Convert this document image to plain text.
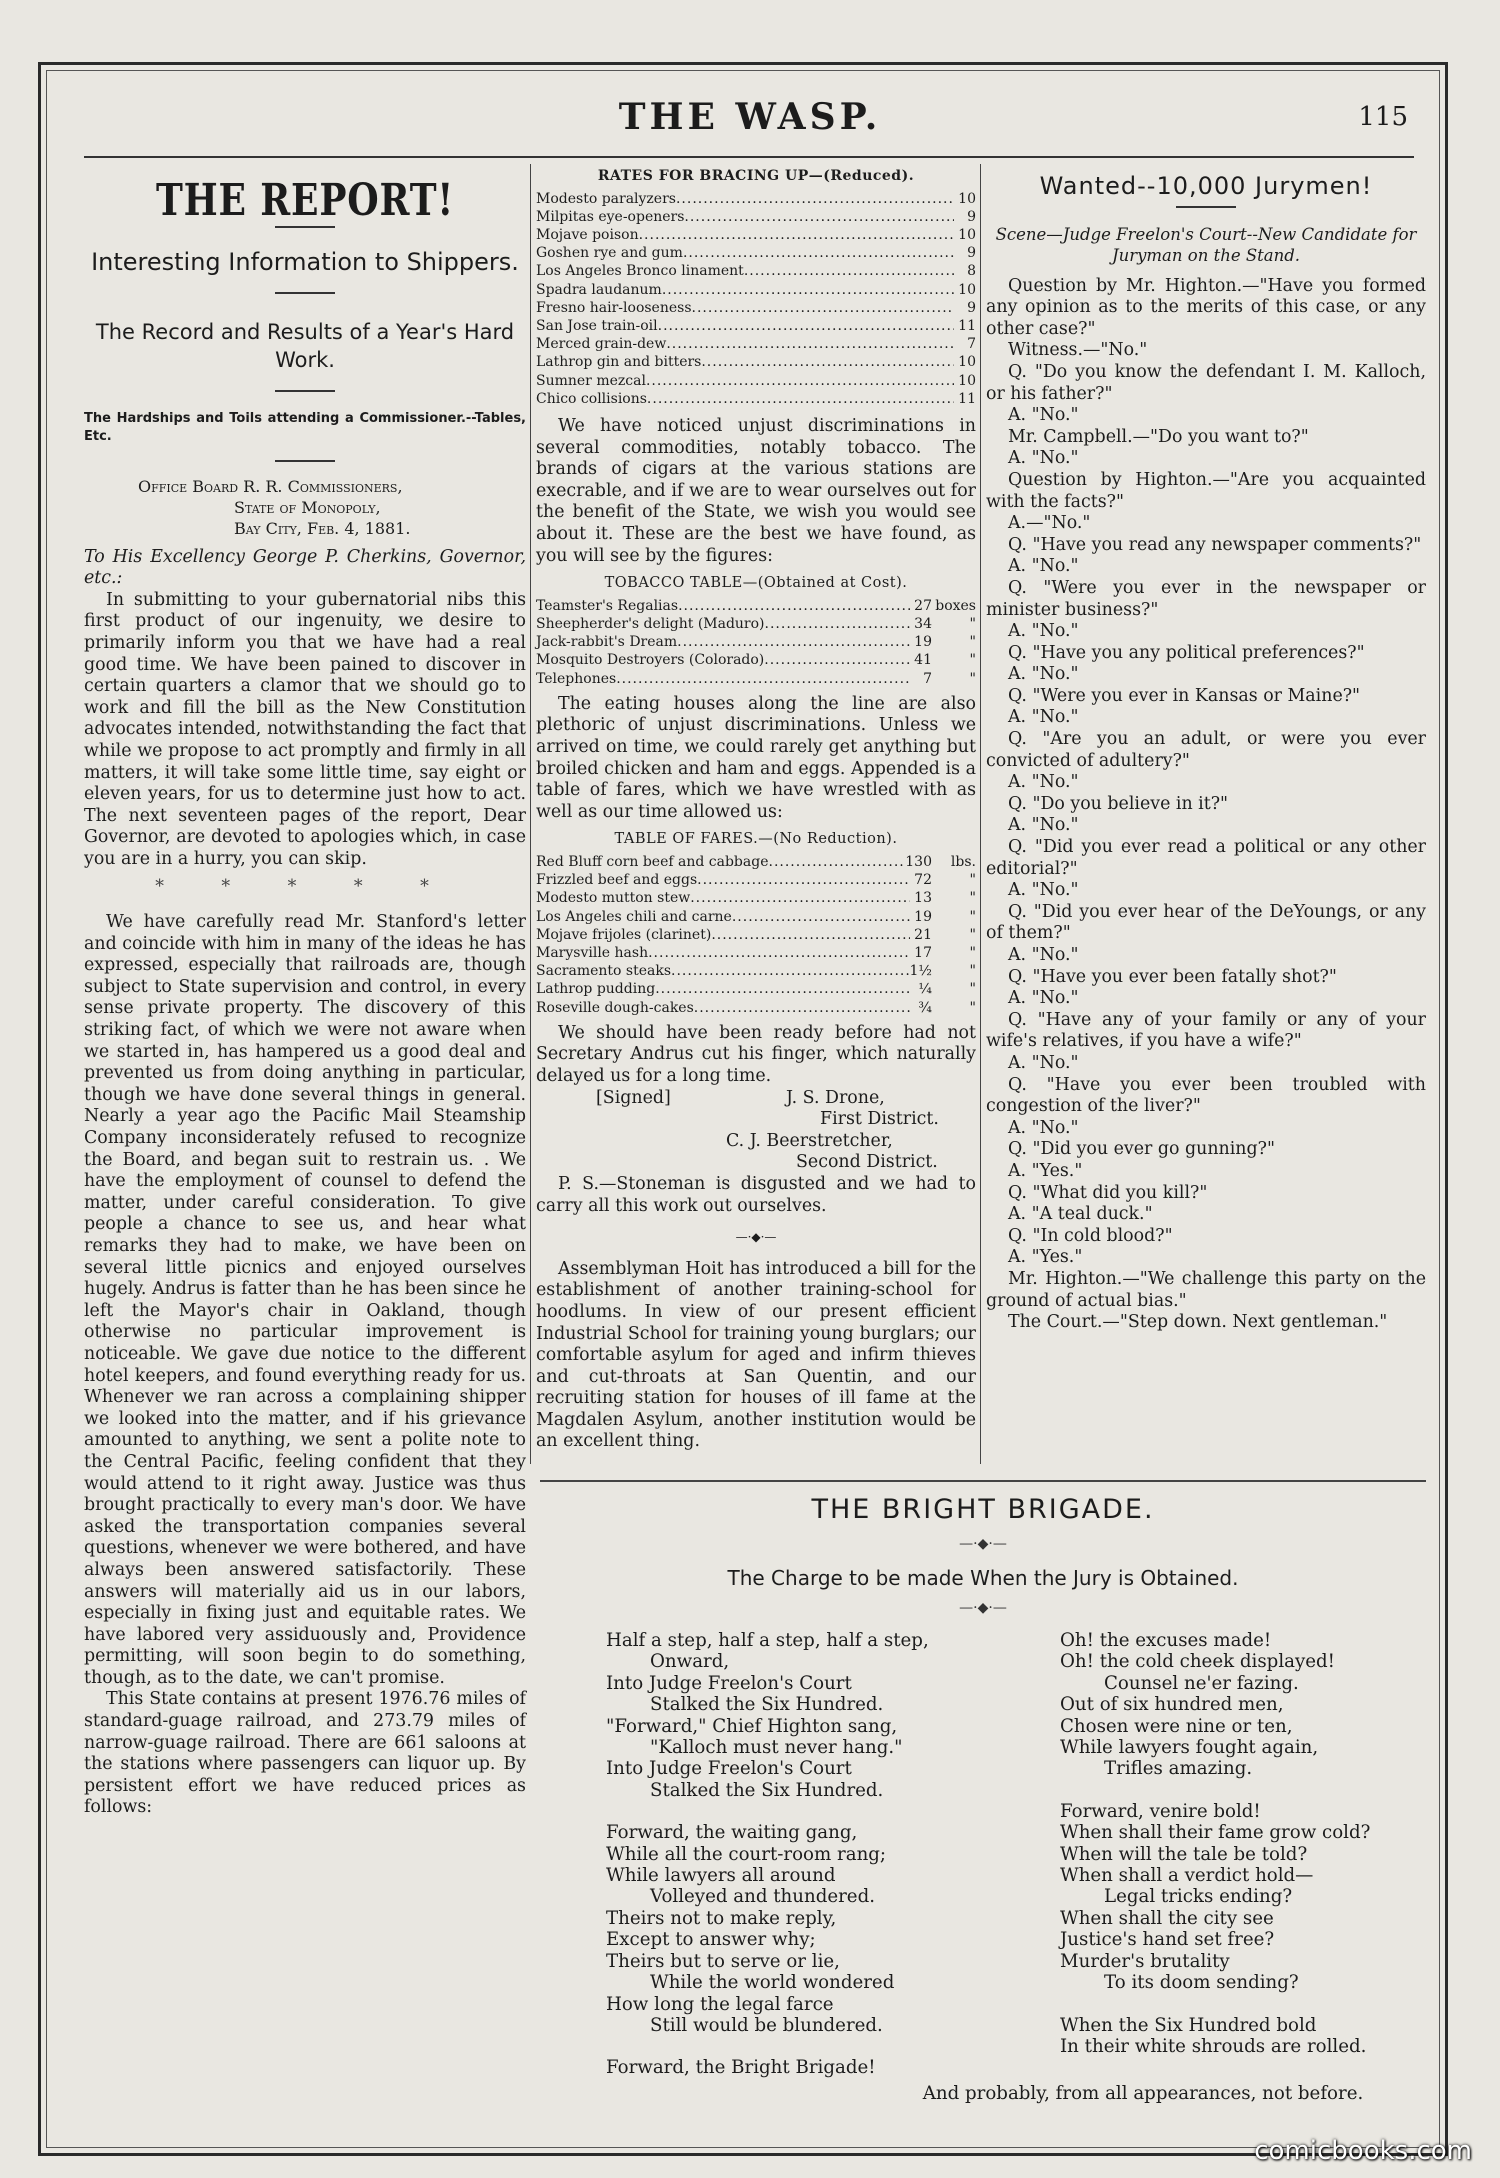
THE WASP.	115
THE REPORT!
Interesting Information to Shippers.
The Record and Results of a Year's Hard Work.
The Hardships and Toils attending a Commissioner.--Tables, Etc.
Office Board R. R. Commissioners,
State of Monopoly,
Bay City, Feb. 4, 1881.

To His Excellency George P. Cherkins, Governor, etc.:

In submitting to your gubernatorial nibs this first product of our ingenuity, we desire to primarily inform you that we have had a real good time. We have been pained to discover in certain quarters a clamor that we should go to work and fill the bill as the New Constitution advocates intended, notwithstanding the fact that while we propose to act promptly and firmly in all matters, it will take some little time, say eight or eleven years, for us to determine just how to act. The next seventeen pages of the report, Dear Governor, are devoted to apologies which, in case you are in a hurry, you can skip.

* * * * *

We have carefully read Mr. Stanford's letter and coincide with him in many of the ideas he has expressed, especially that railroads are, though subject to State supervision and control, in every sense private property. The discovery of this striking fact, of which we were not aware when we started in, has hampered us a good deal and prevented us from doing anything in particular, though we have done several things in general. Nearly a year ago the Pacific Mail Steamship Company inconsiderately refused to recognize the Board, and began suit to restrain us. . We have the employment of counsel to defend the matter, under careful consideration. To give people a chance to see us, and hear what remarks they had to make, we have been on several little picnics and enjoyed ourselves hugely. Andrus is fatter than he has been since he left the Mayor's chair in Oakland, though otherwise no particular improvement is noticeable. We gave due notice to the different hotel keepers, and found everything ready for us. Whenever we ran across a complaining shipper we looked into the matter, and if his grievance amounted to anything, we sent a polite note to the Central Pacific, feeling confident that they would attend to it right away. Justice was thus brought practically to every man's door. We have asked the transportation companies several questions, whenever we were bothered, and have always been answered satisfactorily. These answers will materially aid us in our labors, especially in fixing just and equitable rates. We have labored very assiduously and, Providence permitting, will soon begin to do something, though, as to the date, we can't promise.

This State contains at present 1976.76 miles of standard-guage railroad, and 273.79 miles of narrow-guage railroad. There are 661 saloons at the stations where passengers can liquor up. By persistent effort we have reduced prices as follows:

RATES FOR BRACING UP—(Reduced).
Modesto paralyzers .....	10
Milpitas eye-openers .....	9
Mojave poison .....	10
Goshen rye and gum .....	9
Los Angeles Bronco linament .....	8
Spadra laudanum .....	10
Fresno hair-looseness .....	9
San Jose train-oil .....	11
Merced grain-dew .....	7
Lathrop gin and bitters .....	10
Sumner mezcal .....	10
Chico collisions .....	11

We have noticed unjust discriminations in several commodities, notably tobacco. The brands of cigars at the various stations are execrable, and if we are to wear ourselves out for the benefit of the State, we wish you would see about it. These are the best we have found, as you will see by the figures:

TOBACCO TABLE—(Obtained at Cost).
Teamster's Regalias .....	27 boxes
Sheepherder's delight (Maduro) .....	34	"
Jack-rabbit's Dream .....	19	"
Mosquito Destroyers (Colorado) .....	41	"
Telephones .....	7	"

The eating houses along the line are also plethoric of unjust discriminations. Unless we arrived on time, we could rarely get anything but broiled chicken and ham and eggs. Appended is a table of fares, which we have wrestled with as well as our time allowed us:

TABLE OF FARES.—(No Reduction).
Red Bluff corn beef and cabbage .....	130	lbs.
Frizzled beef and eggs .....	72	"
Modesto mutton stew .....	13	"
Los Angeles chili and carne .....	19	"
Mojave frijoles (clarinet) .....	21	"
Marysville hash .....	17	"
Sacramento steaks .....	1½	"
Lathrop pudding .....	¼	"
Roseville dough-cakes .....	¾	"

We should have been ready before had not Secretary Andrus cut his finger, which naturally delayed us for a long time.

[Signed]	J. S. Drone,
First District.
C. J. Beerstretcher,
Second District.

P. S.—Stoneman is disgusted and we had to carry all this work out ourselves.

—·◆·—

Assemblyman Hoit has introduced a bill for the establishment of another training-school for hoodlums. In view of our present efficient Industrial School for training young burglars; our comfortable asylum for aged and infirm thieves and cut-throats at San Quentin, and our recruiting station for houses of ill fame at the Magdalen Asylum, another institution would be an excellent thing.

Wanted--10,000 Jurymen!
Scene—Judge Freelon's Court--New Candidate for Juryman on the Stand.

Question by Mr. Highton.—"Have you formed any opinion as to the merits of this case, or any other case?"

Witness.—"No."

Q. "Do you know the defendant I. M. Kalloch, or his father?"

A. "No."

Mr. Campbell.—"Do you want to?"

A. "No."

Question by Highton.—"Are you acquainted with the facts?"

A.—"No."

Q. "Have you read any newspaper comments?"

A. "No."

Q. "Were you ever in the newspaper or minister business?"

A. "No."

Q. "Have you any political preferences?"

A. "No."

Q. "Were you ever in Kansas or Maine?"

A. "No."

Q. "Are you an adult, or were you ever convicted of adultery?"

A. "No."

Q. "Do you believe in it?"

A. "No."

Q. "Did you ever read a political or any other editorial?"

A. "No."

Q. "Did you ever hear of the DeYoungs, or any of them?"

A. "No."

Q. "Have you ever been fatally shot?"

A. "No."

Q. "Have any of your family or any of your wife's relatives, if you have a wife?"

A. "No."

Q. "Have you ever been troubled with congestion of the liver?"

A. "No."

Q. "Did you ever go gunning?"

A. "Yes."

Q. "What did you kill?"

A. "A teal duck."

Q. "In cold blood?"

A. "Yes."

Mr. Highton.—"We challenge this party on the ground of actual bias."

The Court.—"Step down. Next gentleman."

THE BRIGHT BRIGADE.
—·◆·—
The Charge to be made When the Jury is Obtained.
—·◆·—
Half a step, half a step, half a step,
Onward,
Into Judge Freelon's Court
Stalked the Six Hundred.
"Forward," Chief Highton sang,
"Kalloch must never hang."
Into Judge Freelon's Court
Stalked the Six Hundred.
Forward, the waiting gang,
While all the court-room rang;
While lawyers all around
Volleyed and thundered.
Theirs not to make reply,
Except to answer why;
Theirs but to serve or lie,
While the world wondered
How long the legal farce
Still would be blundered.
Forward, the Bright Brigade!
Oh! the excuses made!
Oh! the cold cheek displayed!
Counsel ne'er fazing.
Out of six hundred men,
Chosen were nine or ten,
While lawyers fought again,
Trifles amazing.
Forward, venire bold!
When shall their fame grow cold?
When will the tale be told?
When shall a verdict hold—
Legal tricks ending?
When shall the city see
Justice's hand set free?
Murder's brutality
To its doom sending?
When the Six Hundred bold
In their white shrouds are rolled.
And probably, from all appearances, not before.
comicbooks.com
